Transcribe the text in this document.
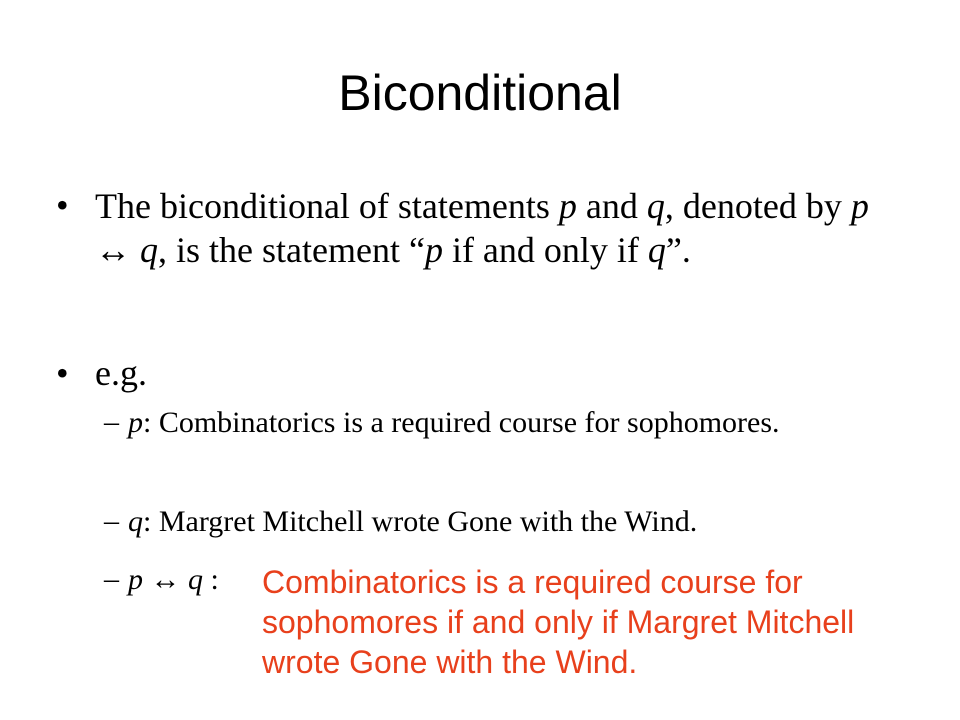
Biconditional
• The biconditional of statements p and q, denoted by p ↔ q, is the statement “p if and only if q”.
• e.g.
– p: Combinatorics is a required course for sophomores.
– q: Margret Mitchell wrote Gone with the Wind.
– p ↔ q : Combinatorics is a required course for sophomores if and only if Margret Mitchell wrote Gone with the Wind.
